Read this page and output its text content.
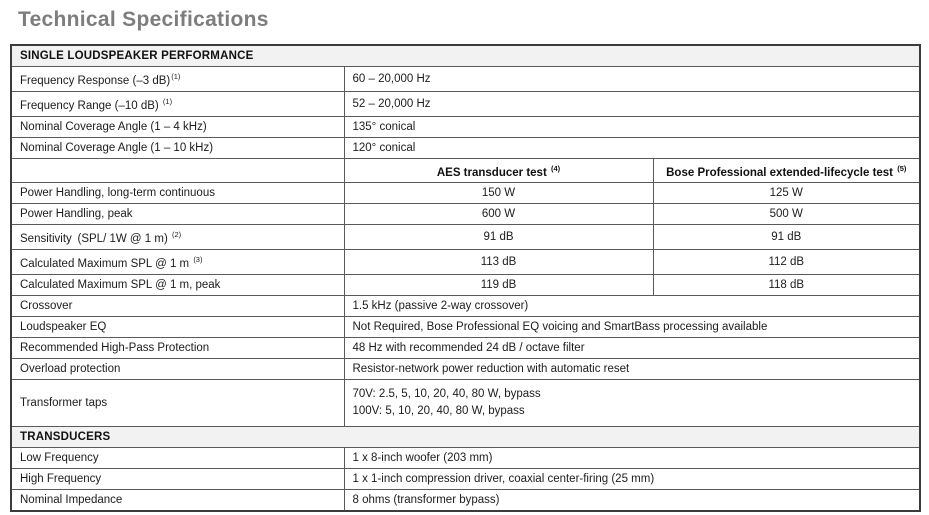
Technical Specifications
SINGLE LOUDSPEAKER PERFORMANCE		
Frequency Response (–3 dB)$^{(1)}$	60 – 20,000 Hz	
Frequency Range (–10 dB) $^{(1)}$	52 – 20,000 Hz	
Nominal Coverage Angle (1 – 4 kHz)	135° conical	
Nominal Coverage Angle (1 – 10 kHz)	120° conical	
	AES transducer test $^{(4)}$	Bose Professional extended-lifecycle test $^{(5)}$
Power Handling, long-term continuous	150 W	125 W
Power Handling, peak	600 W	500 W
Sensitivity (SPL/ 1W @ 1 m) $^{(2)}$	91 dB	91 dB
Calculated Maximum SPL @ 1 m $^{(3)}$	113 dB	112 dB
Calculated Maximum SPL @ 1 m, peak	119 dB	118 dB
Crossover	1.5 kHz (passive 2-way crossover)	
Loudspeaker EQ	Not Required, Bose Professional EQ voicing and SmartBass processing available	
Recommended High-Pass Protection	48 Hz with recommended 24 dB / octave filter	
Overload protection	Resistor-network power reduction with automatic reset	
Transformer taps	70V: 2.5, 5, 10, 20, 40, 80 W, bypass
100V: 5, 10, 20, 40, 80 W, bypass	

TRANSDUCERS		
Low Frequency	1 x 8-inch woofer (203 mm)	
High Frequency	1 x 1-inch compression driver, coaxial center-firing (25 mm)	
Nominal Impedance	8 ohms (transformer bypass)	
